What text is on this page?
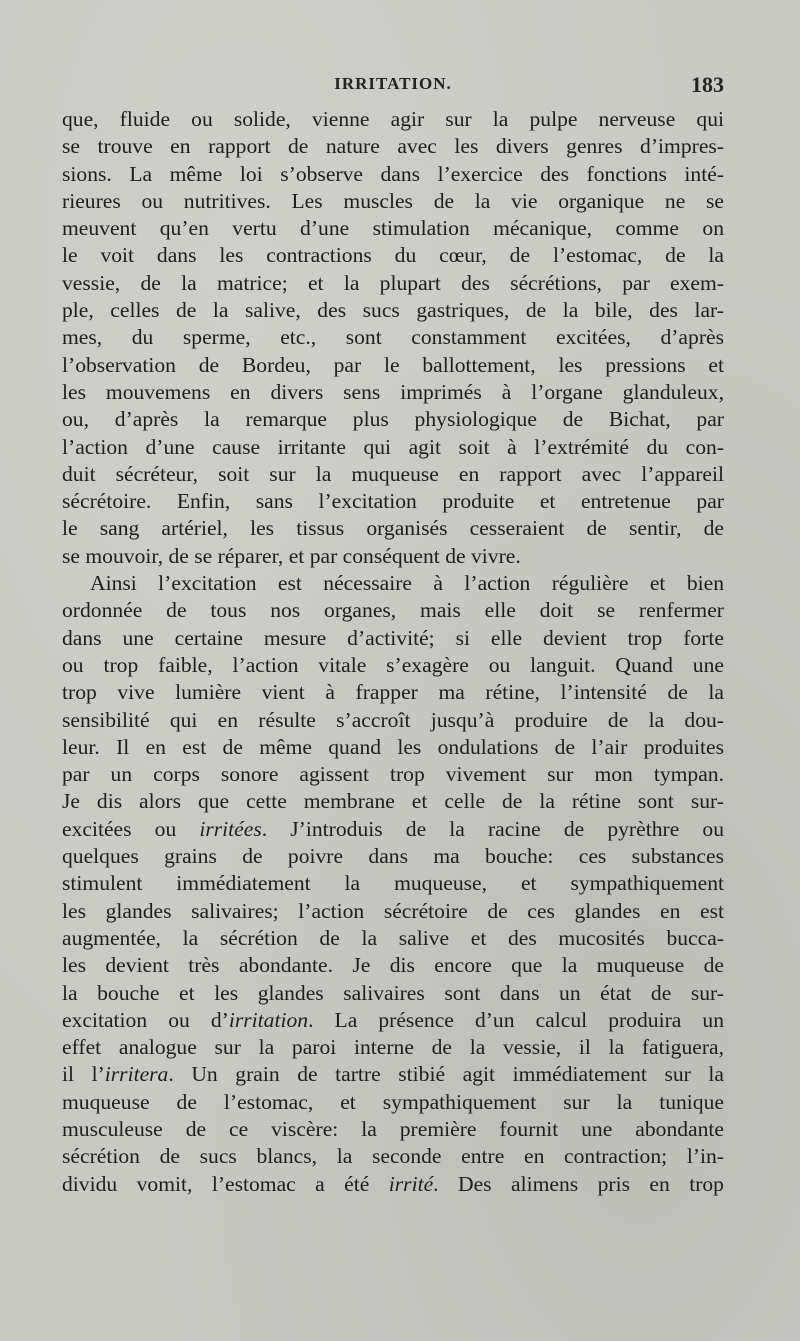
IRRITATION.	183
que, fluide ou solide, vienne agir sur la pulpe nerveuse qui
se trouve en rapport de nature avec les divers genres d’impres-
sions. La même loi s’observe dans l’exercice des fonctions inté-
rieures ou nutritives. Les muscles de la vie organique ne se
meuvent qu’en vertu d’une stimulation mécanique, comme on
le voit dans les contractions du cœur, de l’estomac, de la
vessie, de la matrice; et la plupart des sécrétions, par exem-
ple, celles de la salive, des sucs gastriques, de la bile, des lar-
mes, du sperme, etc., sont constamment excitées, d’après
l’observation de Bordeu, par le ballottement, les pressions et
les mouvemens en divers sens imprimés à l’organe glanduleux,
ou, d’après la remarque plus physiologique de Bichat, par
l’action d’une cause irritante qui agit soit à l’extrémité du con-
duit sécréteur, soit sur la muqueuse en rapport avec l’appareil
sécrétoire. Enfin, sans l’excitation produite et entretenue par
le sang artériel, les tissus organisés cesseraient de sentir, de
se mouvoir, de se réparer, et par conséquent de vivre.
Ainsi l’excitation est nécessaire à l’action régulière et bien
ordonnée de tous nos organes, mais elle doit se renfermer
dans une certaine mesure d’activité; si elle devient trop forte
ou trop faible, l’action vitale s’exagère ou languit. Quand une
trop vive lumière vient à frapper ma rétine, l’intensité de la
sensibilité qui en résulte s’accroît jusqu’à produire de la dou-
leur. Il en est de même quand les ondulations de l’air produites
par un corps sonore agissent trop vivement sur mon tympan.
Je dis alors que cette membrane et celle de la rétine sont sur-
excitées ou irritées. J’introduis de la racine de pyrèthre ou
quelques grains de poivre dans ma bouche: ces substances
stimulent immédiatement la muqueuse, et sympathiquement
les glandes salivaires; l’action sécrétoire de ces glandes en est
augmentée, la sécrétion de la salive et des mucosités bucca-
les devient très abondante. Je dis encore que la muqueuse de
la bouche et les glandes salivaires sont dans un état de sur-
excitation ou d’irritation. La présence d’un calcul produira un
effet analogue sur la paroi interne de la vessie, il la fatiguera,
il l’irritera. Un grain de tartre stibié agit immédiatement sur la
muqueuse de l’estomac, et sympathiquement sur la tunique
musculeuse de ce viscère: la première fournit une abondante
sécrétion de sucs blancs, la seconde entre en contraction; l’in-
dividu vomit, l’estomac a été irrité. Des alimens pris en trop
